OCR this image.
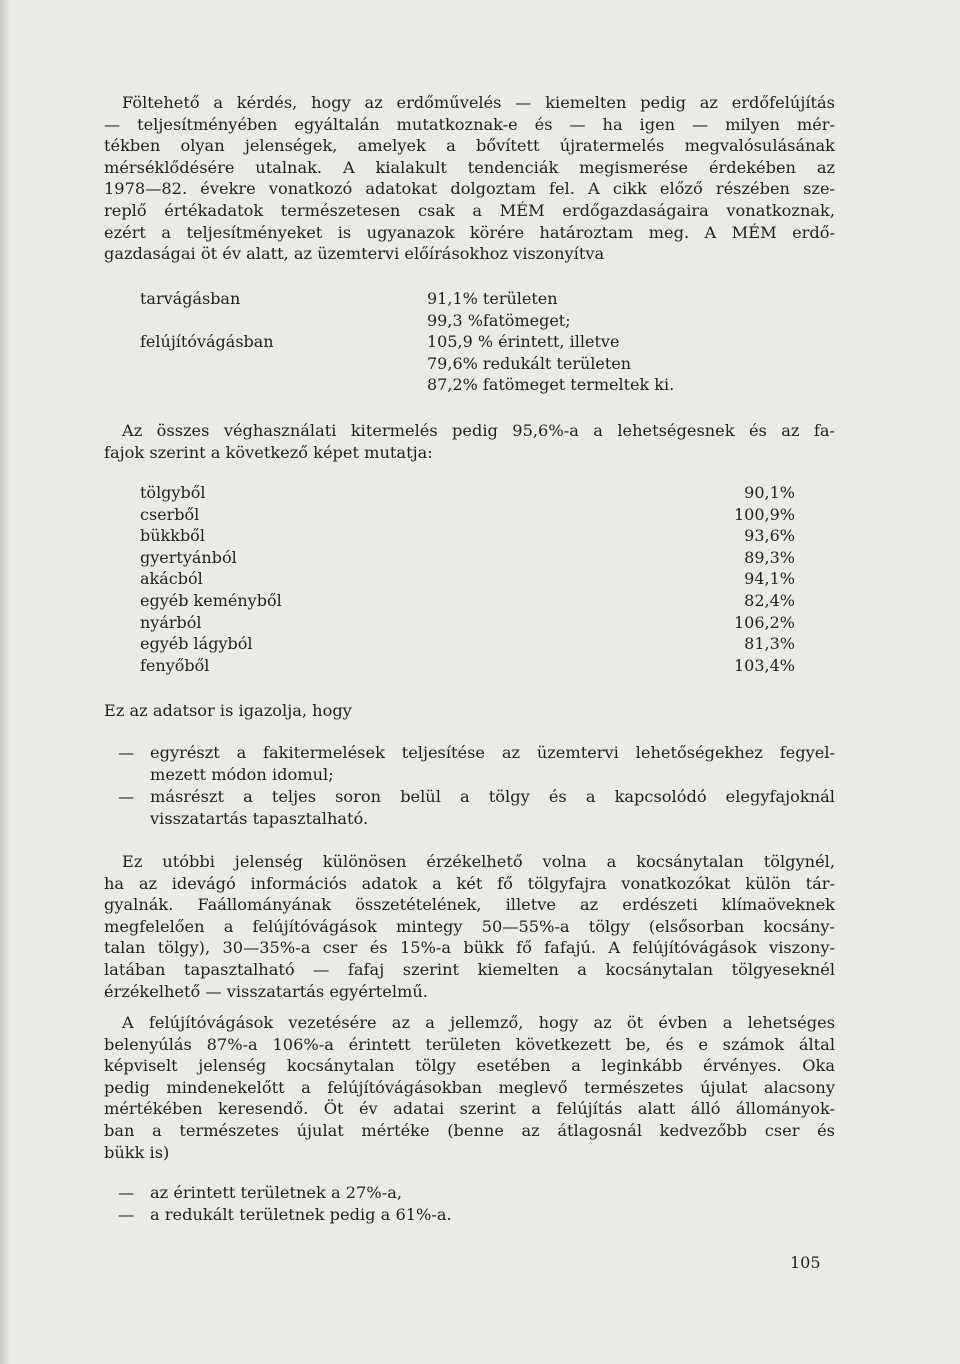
Föltehető a kérdés, hogy az erdőművelés — kiemelten pedig az erdőfelújítás
— teljesítményében egyáltalán mutatkoznak-e és — ha igen — milyen mér-
tékben olyan jelenségek, amelyek a bővített újratermelés megvalósulásának
mérséklődésére utalnak. A kialakult tendenciák megismerése érdekében az
1978—82. évekre vonatkozó adatokat dolgoztam fel. A cikk előző részében sze-
replő értékadatok természetesen csak a MÉM erdőgazdaságaira vonatkoznak,
ezért a teljesítményeket is ugyanazok körére határoztam meg. A MÉM erdő-
gazdaságai öt év alatt, az üzemtervi előírásokhoz viszonyítva

tarvágásban	91,1% területen
99,3 %fatömeget;
felújítóvágásban	105,9 % érintett, illetve
79,6% redukált területen
87,2% fatömeget termeltek ki.

Az összes véghasználati kitermelés pedig 95,6%-a a lehetségesnek és az fa-
fajok szerint a következő képet mutatja:

tölgyből	90,1%
cserből	100,9%
bükkből	93,6%
gyertyánból	89,3%
akácból	94,1%
egyéb keményből	82,4%
nyárból	106,2%
egyéb lágyból	81,3%
fenyőből	103,4%

Ez az adatsor is igazolja, hogy

— egyrészt a fakitermelések teljesítése az üzemtervi lehetőségekhez fegyel-
mezett módon idomul;
— másrészt a teljes soron belül a tölgy és a kapcsolódó elegyfajoknál
visszatartás tapasztalható.

Ez utóbbi jelenség különösen érzékelhető volna a kocsánytalan tölgynél,
ha az idevágó információs adatok a két fő tölgyfajra vonatkozókat külön tár-
gyalnák. Faállományának összetételének, illetve az erdészeti klímaöveknek
megfelelően a felújítóvágások mintegy 50—55%-a tölgy (elsősorban kocsány-
talan tölgy), 30—35%-a cser és 15%-a bükk fő fafajú. A felújítóvágások viszony-
latában tapasztalható — fafaj szerint kiemelten a kocsánytalan tölgyeseknél
érzékelhető — visszatartás egyértelmű.

A felújítóvágások vezetésére az a jellemző, hogy az öt évben a lehetséges
belenyúlás 87%-a 106%-a érintett területen következett be, és e számok által
képviselt jelenség kocsánytalan tölgy esetében a leginkább érvényes. Oka
pedig mindenekelőtt a felújítóvágásokban meglevő természetes újulat alacsony
mértékében keresendő. Öt év adatai szerint a felújítás alatt álló állományok-
ban a természetes újulat mértéke (benne az átlagosnál kedvezőbb cser és
bükk is)

— az érintett területnek a 27%-a,
— a redukált területnek pedig a 61%-a.
105
